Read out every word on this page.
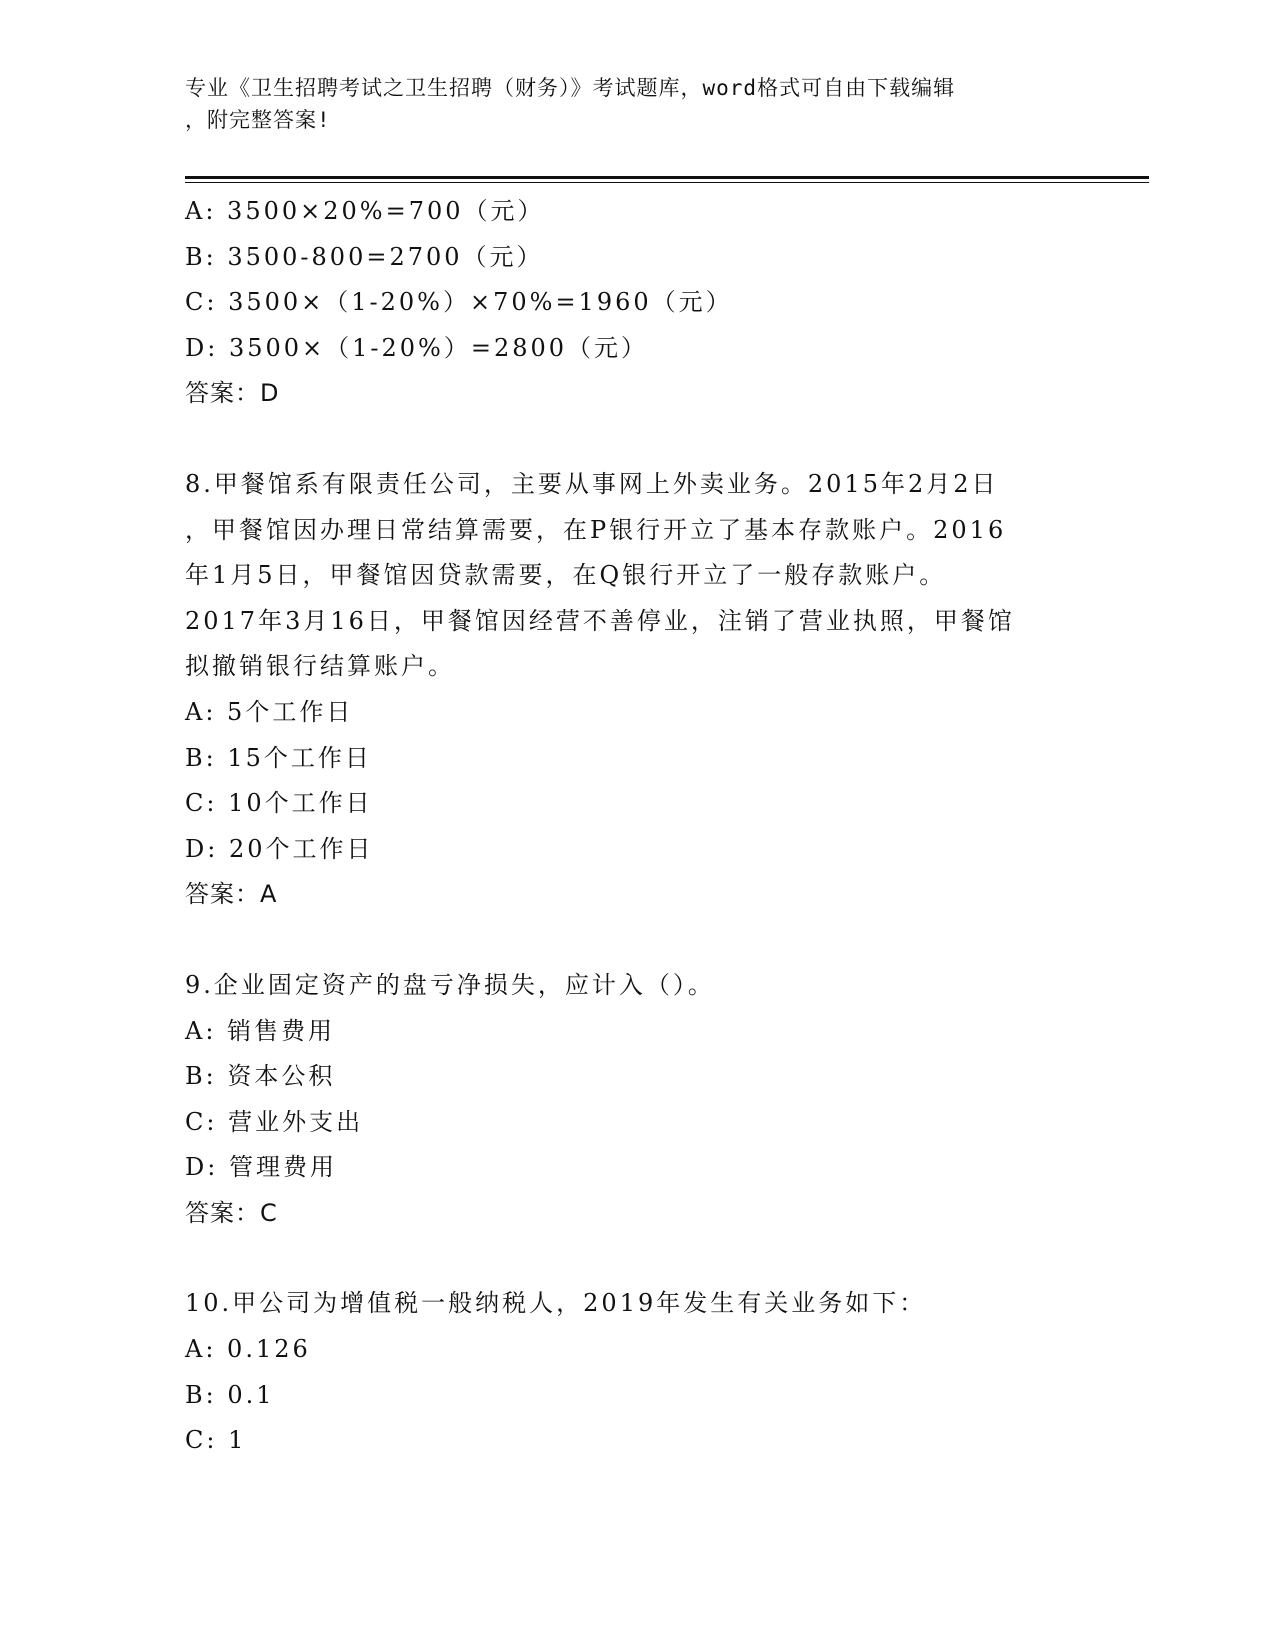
专业《卫生招聘考试之卫生招聘（财务）》考试题库，word格式可自由下载编辑
，附完整答案!
A: 3500×20%=700（元）
B: 3500-800=2700（元）
C: 3500×（1-20%）×70%=1960（元）
D: 3500×（1-20%）=2800（元）
答案：D
8.甲餐馆系有限责任公司，主要从事网上外卖业务。2015年2月2日
，甲餐馆因办理日常结算需要，在P银行开立了基本存款账户。2016
年1月5日，甲餐馆因贷款需要，在Q银行开立了一般存款账户。
2017年3月16日，甲餐馆因经营不善停业，注销了营业执照，甲餐馆
拟撤销银行结算账户。
A: 5个工作日
B: 15个工作日
C: 10个工作日
D: 20个工作日
答案：A
9.企业固定资产的盘亏净损失，应计入（）。
A: 销售费用
B: 资本公积
C: 营业外支出
D: 管理费用
答案：C
10.甲公司为增值税一般纳税人，2019年发生有关业务如下：
A: 0.126
B: 0.1
C: 1
